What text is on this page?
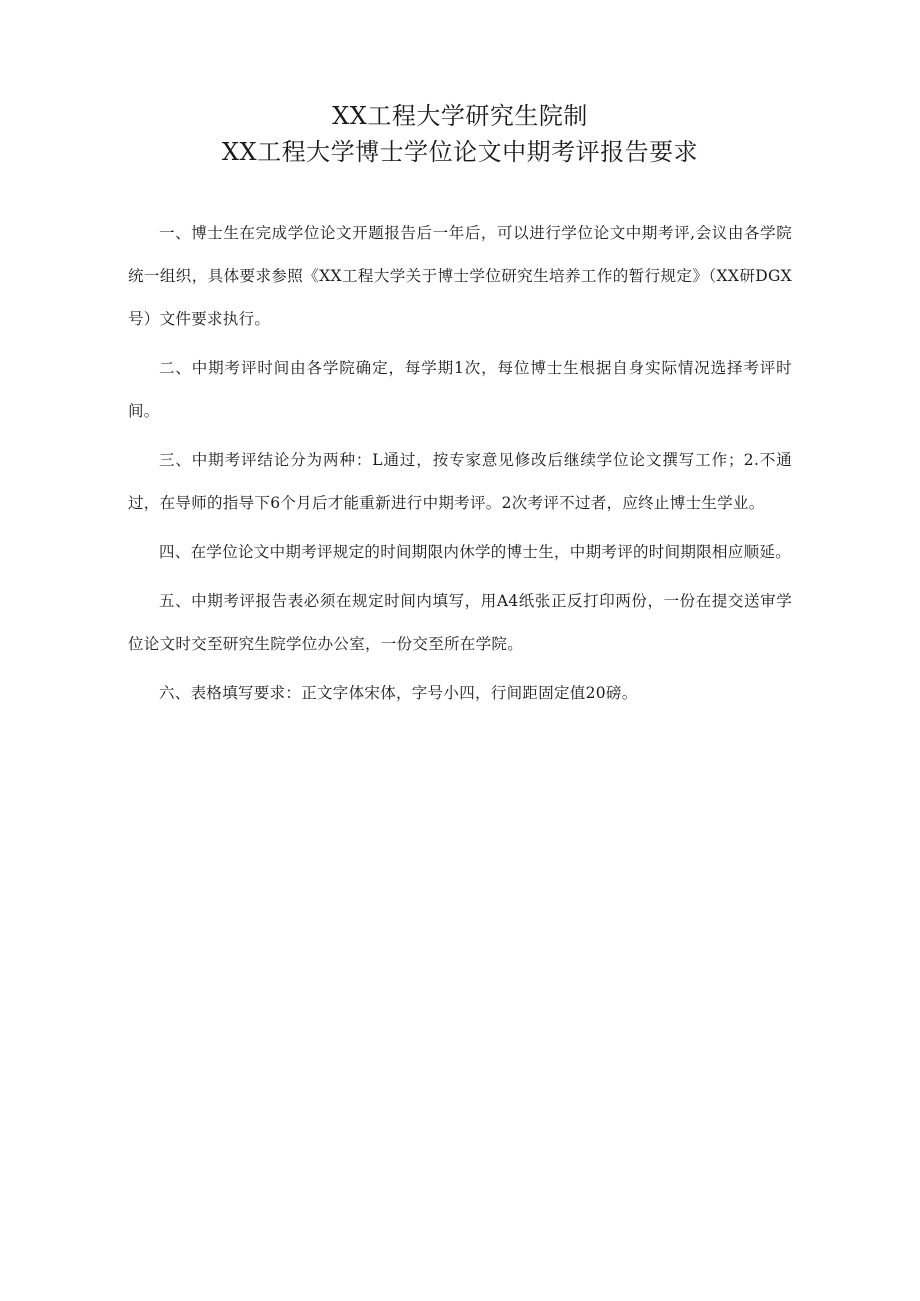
XX工程大学研究生院制
XX工程大学博士学位论文中期考评报告要求

一、博士生在完成学位论文开题报告后一年后，可以进行学位论文中期考评,会议由各学院统一组织，具体要求参照《XX工程大学关于博士学位研究生培养工作的暂行规定》（XX研DGX号）文件要求执行。

二、中期考评时间由各学院确定，每学期1次，每位博士生根据自身实际情况选择考评时间。

三、中期考评结论分为两种：L通过，按专家意见修改后继续学位论文撰写工作；2.不通过，在导师的指导下6个月后才能重新进行中期考评。2次考评不过者，应终止博士生学业。

四、在学位论文中期考评规定的时间期限内休学的博士生，中期考评的时间期限相应顺延。

五、中期考评报告表必须在规定时间内填写，用A4纸张正反打印两份，一份在提交送审学位论文时交至研究生院学位办公室，一份交至所在学院。

六、表格填写要求：正文字体宋体，字号小四，行间距固定值20磅。
